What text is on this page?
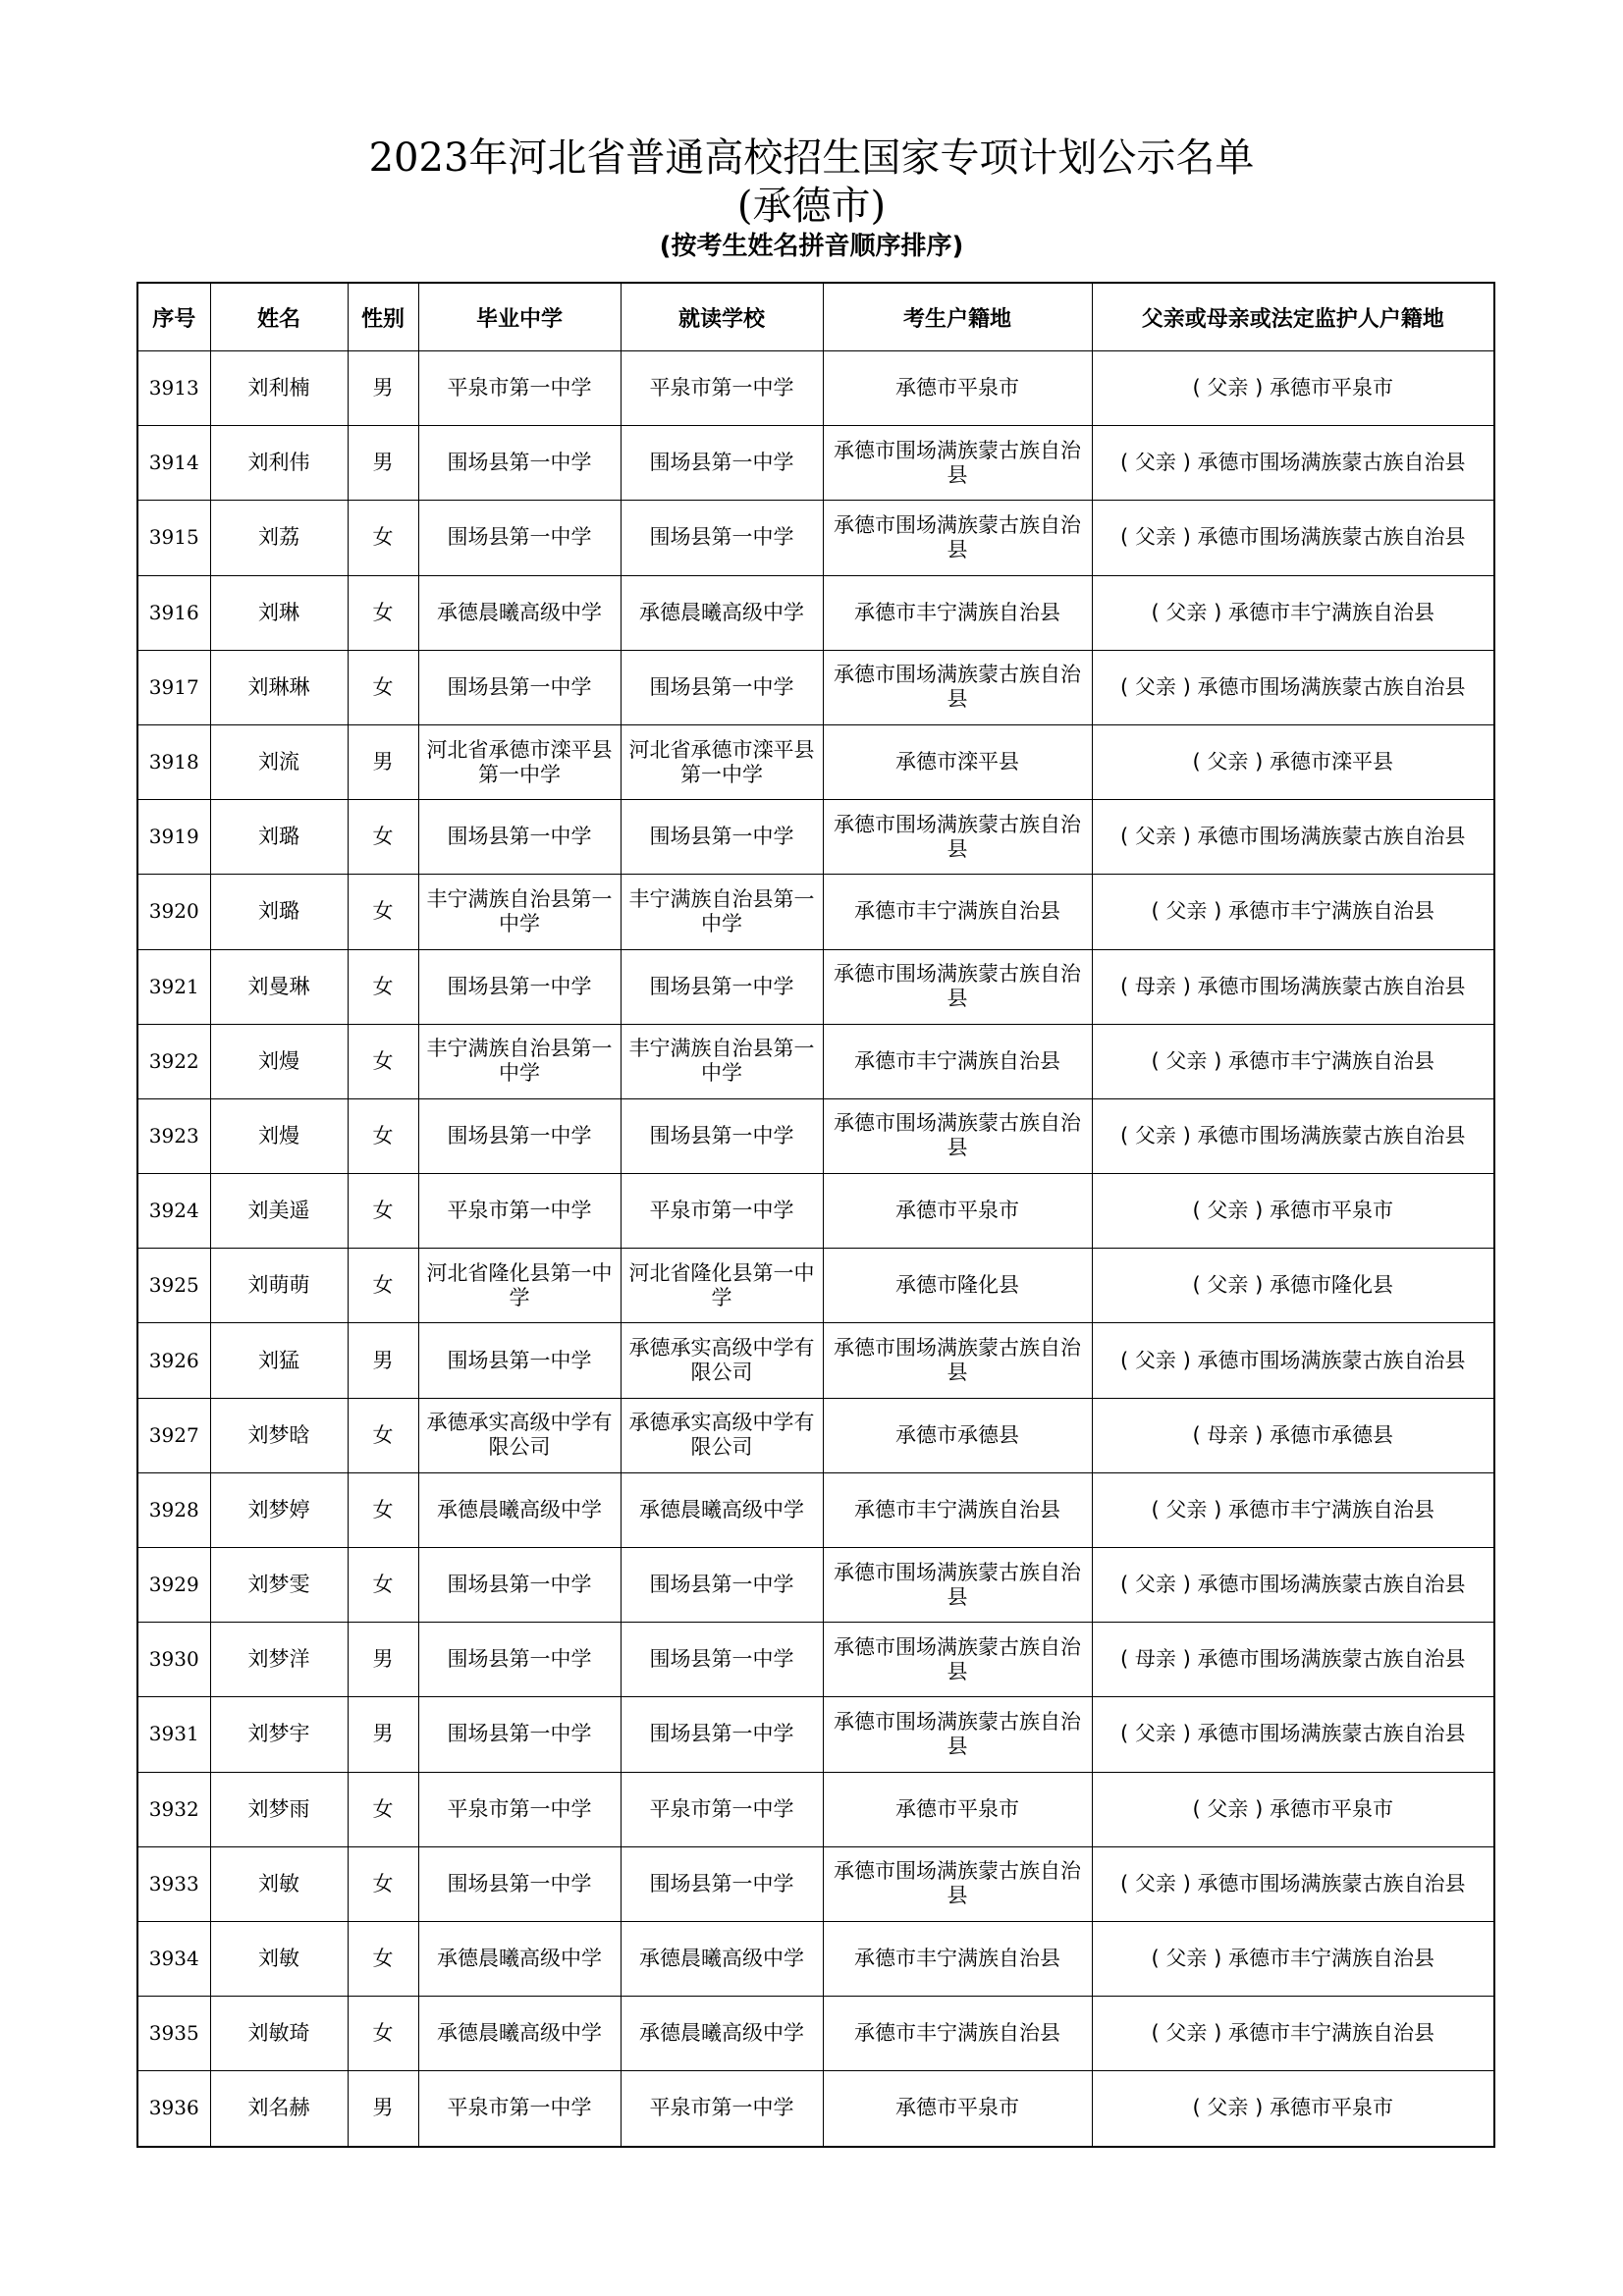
2023年河北省普通高校招生国家专项计划公示名单
(承德市)
(按考生姓名拼音顺序排序)
序号	姓名	性别	毕业中学	就读学校	考生户籍地	父亲或母亲或法定监护人户籍地
3913	刘利楠	男	平泉市第一中学	平泉市第一中学	承德市平泉市	( 父亲 ) 承德市平泉市
3914	刘利伟	男	围场县第一中学	围场县第一中学	承德市围场满族蒙古族自治县	( 父亲 ) 承德市围场满族蒙古族自治县
3915	刘荔	女	围场县第一中学	围场县第一中学	承德市围场满族蒙古族自治县	( 父亲 ) 承德市围场满族蒙古族自治县
3916	刘琳	女	承德晨曦高级中学	承德晨曦高级中学	承德市丰宁满族自治县	( 父亲 ) 承德市丰宁满族自治县
3917	刘琳琳	女	围场县第一中学	围场县第一中学	承德市围场满族蒙古族自治县	( 父亲 ) 承德市围场满族蒙古族自治县
3918	刘流	男	河北省承德市滦平县第一中学	河北省承德市滦平县第一中学	承德市滦平县	( 父亲 ) 承德市滦平县
3919	刘璐	女	围场县第一中学	围场县第一中学	承德市围场满族蒙古族自治县	( 父亲 ) 承德市围场满族蒙古族自治县
3920	刘璐	女	丰宁满族自治县第一中学	丰宁满族自治县第一中学	承德市丰宁满族自治县	( 父亲 ) 承德市丰宁满族自治县
3921	刘曼琳	女	围场县第一中学	围场县第一中学	承德市围场满族蒙古族自治县	( 母亲 ) 承德市围场满族蒙古族自治县
3922	刘熳	女	丰宁满族自治县第一中学	丰宁满族自治县第一中学	承德市丰宁满族自治县	( 父亲 ) 承德市丰宁满族自治县
3923	刘熳	女	围场县第一中学	围场县第一中学	承德市围场满族蒙古族自治县	( 父亲 ) 承德市围场满族蒙古族自治县
3924	刘美遥	女	平泉市第一中学	平泉市第一中学	承德市平泉市	( 父亲 ) 承德市平泉市
3925	刘萌萌	女	河北省隆化县第一中学	河北省隆化县第一中学	承德市隆化县	( 父亲 ) 承德市隆化县
3926	刘猛	男	围场县第一中学	承德承实高级中学有限公司	承德市围场满族蒙古族自治县	( 父亲 ) 承德市围场满族蒙古族自治县
3927	刘梦晗	女	承德承实高级中学有限公司	承德承实高级中学有限公司	承德市承德县	( 母亲 ) 承德市承德县
3928	刘梦婷	女	承德晨曦高级中学	承德晨曦高级中学	承德市丰宁满族自治县	( 父亲 ) 承德市丰宁满族自治县
3929	刘梦雯	女	围场县第一中学	围场县第一中学	承德市围场满族蒙古族自治县	( 父亲 ) 承德市围场满族蒙古族自治县
3930	刘梦洋	男	围场县第一中学	围场县第一中学	承德市围场满族蒙古族自治县	( 母亲 ) 承德市围场满族蒙古族自治县
3931	刘梦宇	男	围场县第一中学	围场县第一中学	承德市围场满族蒙古族自治县	( 父亲 ) 承德市围场满族蒙古族自治县
3932	刘梦雨	女	平泉市第一中学	平泉市第一中学	承德市平泉市	( 父亲 ) 承德市平泉市
3933	刘敏	女	围场县第一中学	围场县第一中学	承德市围场满族蒙古族自治县	( 父亲 ) 承德市围场满族蒙古族自治县
3934	刘敏	女	承德晨曦高级中学	承德晨曦高级中学	承德市丰宁满族自治县	( 父亲 ) 承德市丰宁满族自治县
3935	刘敏琦	女	承德晨曦高级中学	承德晨曦高级中学	承德市丰宁满族自治县	( 父亲 ) 承德市丰宁满族自治县
3936	刘名赫	男	平泉市第一中学	平泉市第一中学	承德市平泉市	( 父亲 ) 承德市平泉市
